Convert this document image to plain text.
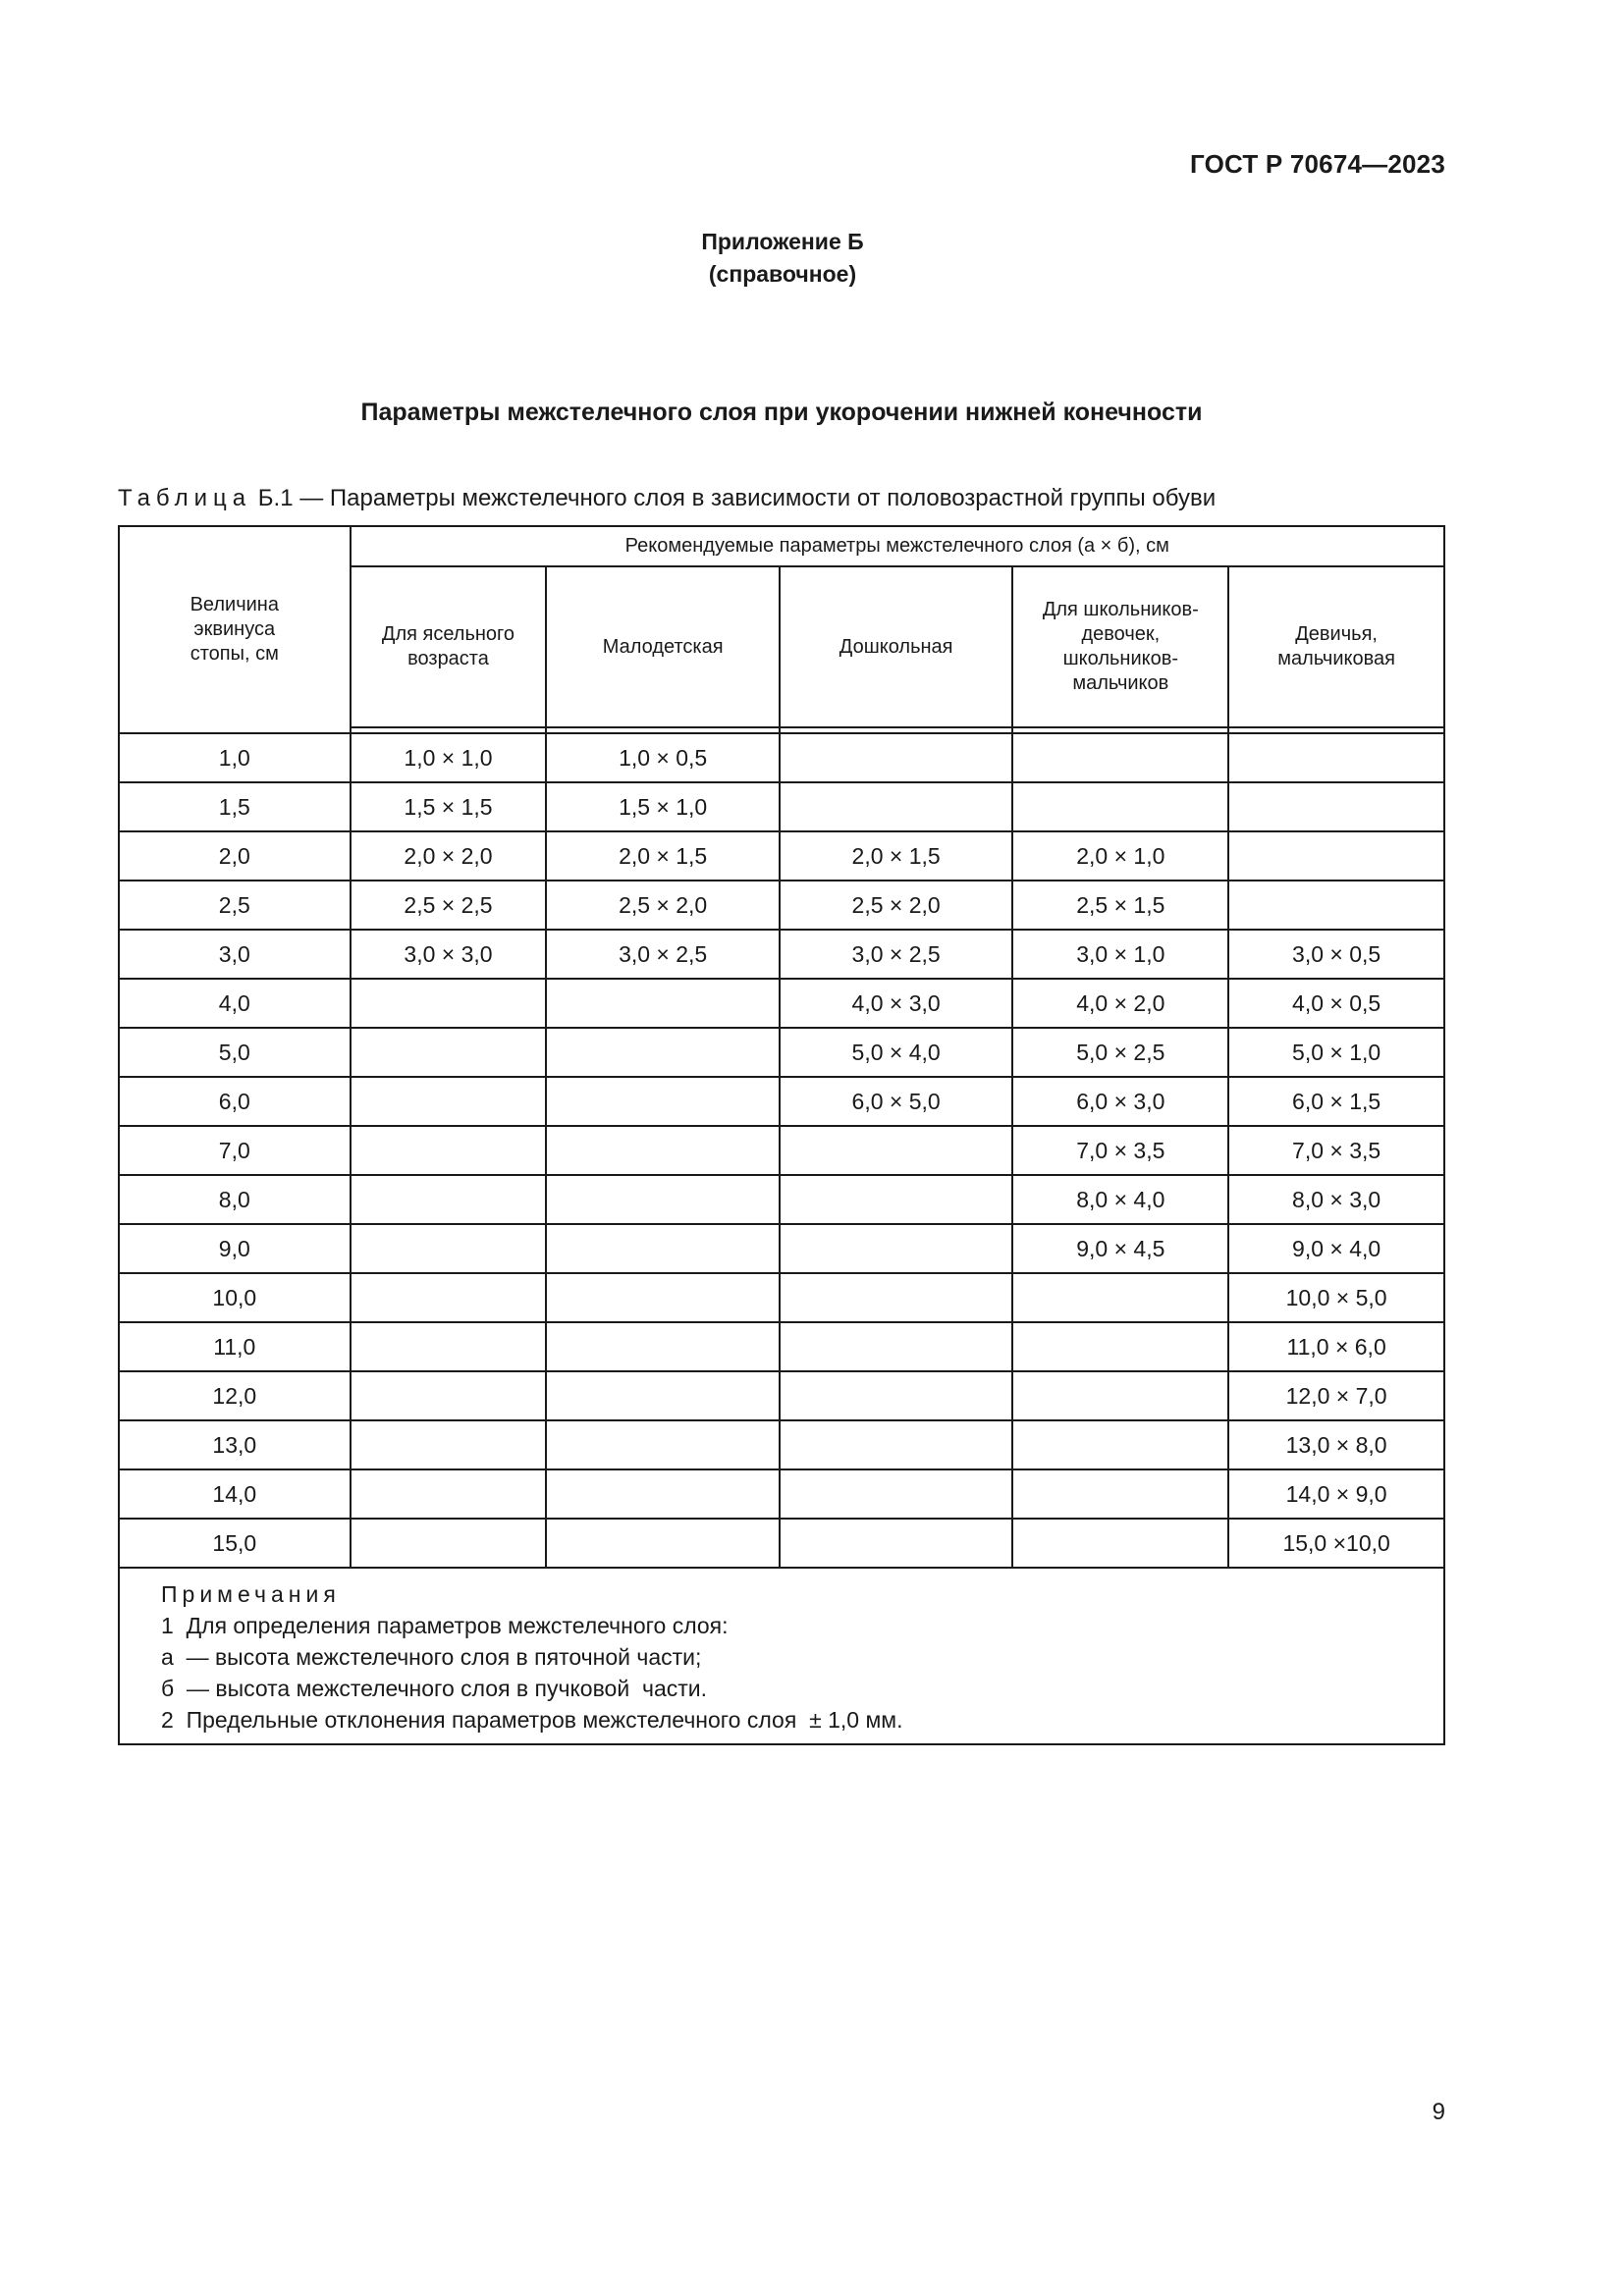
ГОСТ Р 70674—2023
Приложение Б
(справочное)
Параметры межстелечного слоя при укорочении нижней конечности
Таблица Б.1 — Параметры межстелечного слоя в зависимости от половозрастной группы обуви
Величина эквинуса стопы, см	Рекомендуемые параметры межстелечного слоя (а × б), см				

	Для ясельного возраста	Малодетская	Дошкольная	Для школьников-девочек, школьников-мальчиков	Девичья, мальчиковая

1,0	1,0 × 1,0	1,0 × 0,5			
1,5	1,5 × 1,5	1,5 × 1,0			
2,0	2,0 × 2,0	2,0 × 1,5	2,0 × 1,5	2,0 × 1,0	
2,5	2,5 × 2,5	2,5 × 2,0	2,5 × 2,0	2,5 × 1,5	
3,0	3,0 × 3,0	3,0 × 2,5	3,0 × 2,5	3,0 × 1,0	3,0 × 0,5
4,0			4,0 × 3,0	4,0 × 2,0	4,0 × 0,5
5,0			5,0 × 4,0	5,0 × 2,5	5,0 × 1,0
6,0			6,0 × 5,0	6,0 × 3,0	6,0 × 1,5
7,0				7,0 × 3,5	7,0 × 3,5
8,0				8,0 × 4,0	8,0 × 3,0
9,0				9,0 × 4,5	9,0 × 4,0
10,0					10,0 × 5,0
11,0					11,0 × 6,0
12,0					12,0 × 7,0
13,0					13,0 × 8,0
14,0					14,0 × 9,0
15,0					15,0 ×10,0

Примечания
1  Для определения параметров межстелечного слоя:
а  — высота межстелечного слоя в пяточной части;
б  — высота межстелечного слоя в пучковой  части.
2  Предельные отклонения параметров межстелечного слоя  ± 1,0 мм.					
9
